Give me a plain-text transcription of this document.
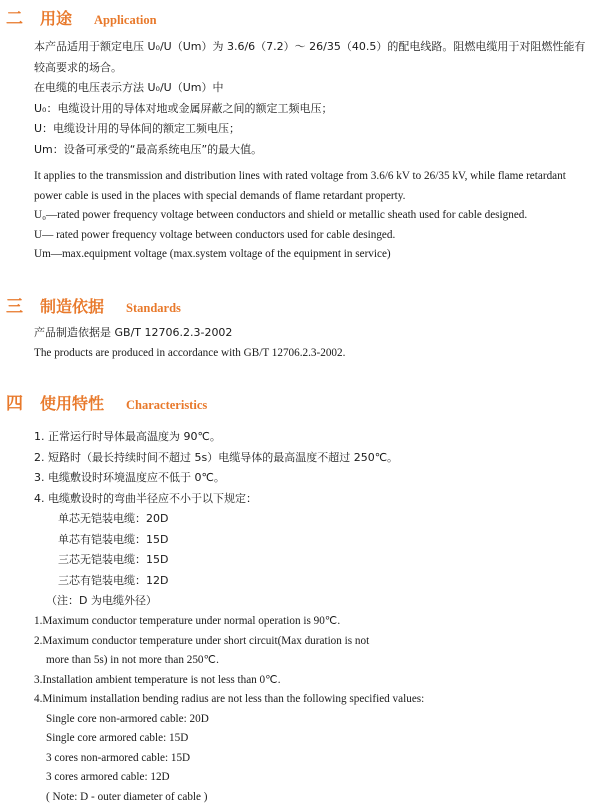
二	用途 Application
本产品适用于额定电压 U₀/U（Um）为 3.6/6（7.2）～ 26/35（40.5）的配电线路。阻燃电缆用于对阻燃性能有
较高要求的场合。
在电缆的电压表示方法 U₀/U（Um）中
U₀：电缆设计用的导体对地或金属屏蔽之间的额定工频电压；
U：电缆设计用的导体间的额定工频电压；
Um：设备可承受的“最高系统电压”的最大值。
It applies to the transmission and distribution lines with rated voltage from 3.6/6 kV to 26/35 kV, while flame retardant
power cable is used in the places with special demands of flame retardant property.
U₀—rated power frequency voltage between conductors and shield or metallic sheath used for cable designed.
U— rated power frequency voltage between conductors used for cable desinged.
Um—max.equipment voltage (max.system voltage of the equipment in service)
三	制造依据 Standards
产品制造依据是 GB/T 12706.2.3-2002
The products are produced in accordance with GB/T 12706.2.3-2002.
四	使用特性 Characteristics
1. 正常运行时导体最高温度为 90℃。
2. 短路时（最长持续时间不超过 5s）电缆导体的最高温度不超过 250℃。
3. 电缆敷设时环境温度应不低于 0℃。
4. 电缆敷设时的弯曲半径应不小于以下规定：
单芯无铠装电缆：20D
单芯有铠装电缆：15D
三芯无铠装电缆：15D
三芯有铠装电缆：12D
（注：D 为电缆外径）
1.Maximum conductor temperature under normal operation is 90℃.
2.Maximum conductor temperature under short circuit(Max duration is not
more than 5s) in not more than 250℃.
3.Installation ambient temperature is not less than 0℃.
4.Minimum installation bending radius are not less than the following specified values:
Single core non-armored cable: 20D
Single core armored cable: 15D
3 cores non-armored cable: 15D
3 cores armored cable: 12D
( Note: D - outer diameter of cable )
